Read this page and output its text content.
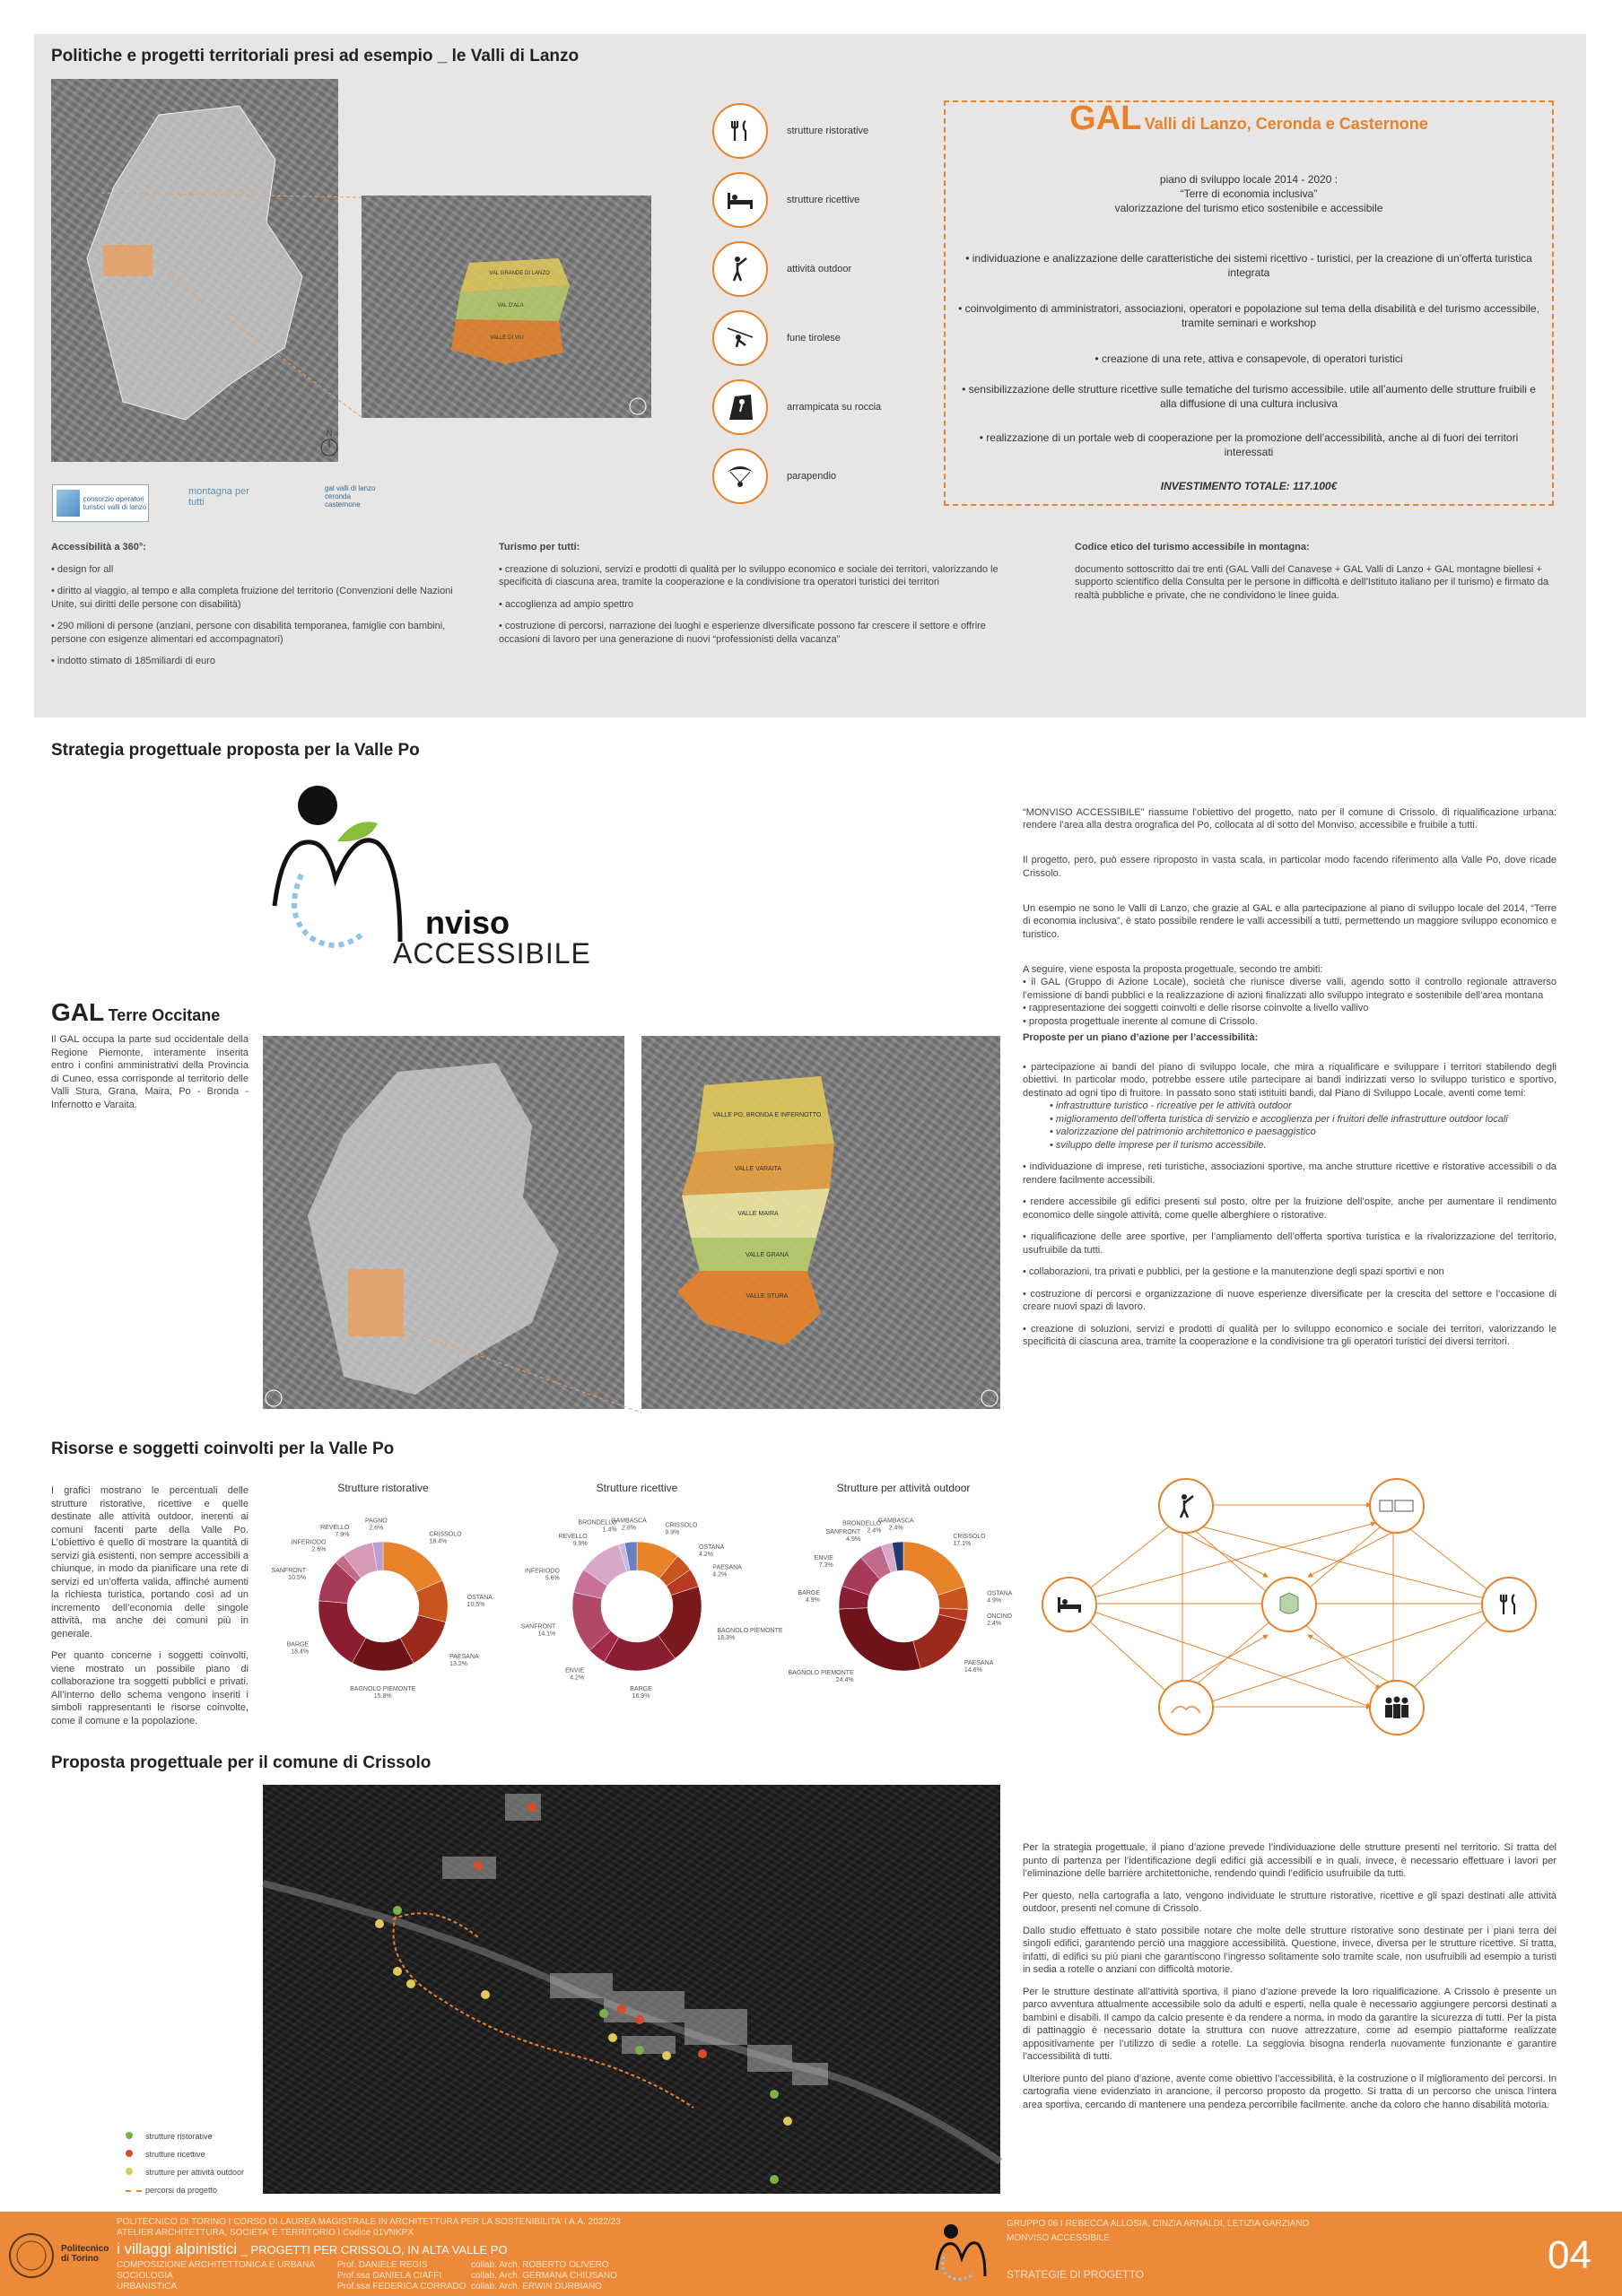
Politiche e progetti territoriali presi ad esempio _ le Valli di Lanzo
VAL GRANDE DI LANZO
VAL D'ALA
VALLE DI VIU
N
consorzio operatori turistici valli di lanzo
montagna per tutti
gal valli di lanzo ceronda casternone
strutture ristorative
strutture ricettive
attività outdoor
fune tirolese
arrampicata su roccia
parapendio
GAL Valli di Lanzo, Ceronda e Casternone
piano di sviluppo locale 2014 - 2020 :
“Terre di economia inclusiva”
valorizzazione del turismo etico sostenibile e accessibile
• individuazione e analizzazione delle caratteristiche dei sistemi ricettivo - turistici, per la creazione di un’offerta turistica integrata
• coinvolgimento di amministratori, associazioni, operatori e popolazione sul tema della disabilità e del turismo accessibile, tramite seminari e workshop
• creazione di una rete, attiva e consapevole, di operatori turistici
• sensibilizzazione delle strutture ricettive sulle tematiche del turismo accessibile. utile all’aumento delle strutture fruibili e alla diffusione di una cultura inclusiva
• realizzazione di un portale web di cooperazione per la promozione dell’accessibilità, anche al di fuori dei territori interessati
INVESTIMENTO TOTALE: 117.100€

Accessibilità a 360°:

• design for all

• diritto al viaggio, al tempo e alla completa fruizione del territorio (Convenzioni delle Nazioni Unite, sui diritti delle persone con disabilità)

• 290 milioni di persone (anziani, persone con disabilità temporanea, famiglie con bambini, persone con esigenze alimentari ed accompagnatori)

• indotto stimato di 185miliardi di euro

Turismo per tutti:

• creazione di soluzioni, servizi e prodotti di qualità per lo sviluppo economico e sociale dei territori, valorizzando le specificità di ciascuna area, tramite la cooperazione e la condivisione tra operatori turistici dei territori

• accoglienza ad ampio spettro

• costruzione di percorsi, narrazione dei luoghi e esperienze diversificate possono far crescere il settore e offrire occasioni di lavoro per una generazione di nuovi “professionisti della vacanza”

Codice etico del turismo accessibile in montagna:

documento sottoscritto dai tre enti (GAL Valli del Canavese + GAL Valli di Lanzo + GAL montagne biellesi + supporto scientifico della Consulta per le persone in difficoltà e dell’Istituto italiano per il turismo) e firmato da realtà pubbliche e private, che ne condividono le linee guida.

Strategia progettuale proposta per la Valle Po
nviso
ACCESSIBILE

“MONVISO ACCESSIBILE” riassume l’obiettivo del progetto, nato per il comune di Crissolo, di riqualificazione urbana: rendere l’area alla destra orografica del Po, collocata al di sotto del Monviso, accessibile e fruibile a tutti.

Il progetto, però, può essere riproposto in vasta scala, in particolar modo facendo riferimento alla Valle Po, dove ricade Crissolo.

Un esempio ne sono le Valli di Lanzo, che grazie al GAL e alla partecipazione al piano di sviluppo locale del 2014, “Terre di economia inclusiva”, è stato possibile rendere le valli accessibili a tutti, permettendo un maggiore sviluppo economico e turistico.

A seguire, viene esposta la proposta progettuale, secondo tre ambiti:
• il GAL (Gruppo di Azione Locale), società che riunisce diverse valli, agendo sotto il controllo regionale attraverso l’emissione di bandi pubblici e la realizzazione di azioni finalizzati allo sviluppo integrato e sostenibile dell’area montana
• rappresentazione dei soggetti coinvolti e delle risorse coinvolte a livello vallivo
• proposta progettuale inerente al comune di Crissolo.

GAL Terre Occitane
Il GAL occupa la parte sud occidentale della Regione Piemonte, interamente inserita entro i confini amministrativi della Provincia di Cuneo, essa corrisponde al territorio delle Valli Stura, Grana, Maira, Po - Bronda - Infernotto e Varaita.
VALLE PO, BRONDA E INFERNOTTO
VALLE VARAITA
VALLE MAIRA
VALLE GRANA
VALLE STURA

Proposte per un piano d’azione per l’accessibilità:

• partecipazione ai bandi del piano di sviluppo locale, che mira a riqualificare e sviluppare i territori stabilendo degli obiettivi. In particolar modo, potrebbe essere utile partecipare ai bandi indirizzati verso lo sviluppo turistico e sportivo, destinato ad ogni tipo di fruitore. In passato sono stati istituiti bandi, dal Piano di Sviluppo Locale, aventi come temi:

• infrastrutture turistico - ricreative per le attività outdoor
• miglioramento dell’offerta turistica di servizio e accoglienza per i fruitori delle infrastrutture outdoor locali
• valorizzazione del patrimonio architettonico e paesaggistico
• sviluppo delle imprese per il turismo accessibile.

• individuazione di imprese, reti turistiche, associazioni sportive, ma anche strutture ricettive e ristorative accessibili o da rendere facilmente accessibili.

• rendere accessibile gli edifici presenti sul posto, oltre per la fruizione dell’ospite, anche per aumentare il rendimento economico delle singole attività, come quelle alberghiere o ristorative.

• riqualificazione delle aree sportive, per l’ampliamento dell’offerta sportiva turistica e la rivalorizzazione del territorio, usufruibile da tutti.

• collaborazioni, tra privati e pubblici, per la gestione e la manutenzione degli spazi sportivi e non

• costruzione di percorsi e organizzazione di nuove esperienze diversificate per la crescita del settore e l’occasione di creare nuovi spazi di lavoro.

• creazione di soluzioni, servizi e prodotti di qualità per lo sviluppo economico e sociale dei territori, valorizzando le specificità di ciascuna area, tramite la cooperazione e la condivisione tra gli operatori turistici dei diversi territori.

Risorse e soggetti coinvolti per la Valle Po

I grafici mostrano le percentuali delle strutture ristorative, ricettive e quelle destinate alle attività outdoor, inerenti ai comuni facenti parte della Valle Po. L’obiettivo è quello di mostrare la quantità di servizi già esistenti, non sempre accessibili a chiunque, in modo da pianificare una rete di servizi ed un’offerta valida, affinché aumenti la richiesta turistica, portando così ad un incremento dell’economia delle singole attività, ma anche dei comuni più in generale.

Per quanto concerne i soggetti coinvolti, viene mostrato un possibile piano di collaborazione tra soggetti pubblici e privati. All’interno dello schema vengono inseriti i simboli rappresentanti le risorse coinvolte, come il comune e la popolazione.

Strutture ristorative
CRISSOLO
18.4%
OSTANA
10.5%
PAESANA
13.2%
BAGNOLO PIEMONTE
15.8%
BARGE
18.4%
SANFRONT
10.5%
INFERIODO
2.6%
REVELLO
7.9%
PAGNO
2.6%
Strutture ricettive
CRISSOLO
9.9%
OSTANA
4.2%
PAESANA
4.2%
BAGNOLO PIEMONTE
18.3%
BARGE
16.9%
ENVIE
4.2%
SANFRONT
14.1%
INFERIODO
5.6%
REVELLO
9.9%
BRONDELLO
1.4%
GAMBASCA
2.8%
Strutture per attività outdoor
CRISSOLO
17.1%
OSTANA
4.9%
ONCINO
2.4%
PAESANA
14.6%
BAGNOLO PIEMONTE
24.4%
BARGE
4.9%
ENVIE
7.3%
SANFRONT
4.9%
BRONDELLO
2.4%
GAMBASCA
2.4%
Proposta progettuale per il comune di Crissolo
strutture ristorative
strutture ricettive
strutture per attività outdoor
percorsi da progetto

Per la strategia progettuale, il piano d’azione prevede l’individuazione delle strutture presenti nel territorio. Si tratta del punto di partenza per l’identificazione degli edifici già accessibili e in quali, invece, è necessario effettuare i lavori per l’eliminazione delle barriere architettoniche, rendendo quindi l’edificio usufruibile da tutti.

Per questo, nella cartografia a lato, vengono individuate le strutture ristorative, ricettive e gli spazi destinati alle attività outdoor, presenti nel comune di Crissolo.

Dallo studio effettuato è stato possibile notare che molte delle strutture ristorative sono destinate per i piani terra dei singoli edifici, garantendo perciò una maggiore accessibilità. Questione, invece, diversa per le strutture ricettive. Si tratta, infatti, di edifici su più piani che garantiscono l’ingresso solitamente solo tramite scale, non usufruibili ad esempio a turisti in sedia a rotelle o anziani con difficoltà motorie.

Per le strutture destinate all’attività sportiva, il piano d’azione prevede la loro riqualificazione. A Crissolo è presente un parco avventura attualmente accessibile solo da adulti e esperti, nella quale è necessario aggiungere percorsi destinati a bambini e disabili. Il campo da calcio presente è da rendere a norma, in modo da garantire la sicurezza di tutti. Per la pista di pattinaggio è necessario dotate la struttura con nuove attrezzature, come ad esempio piattaforme realizzate appositivamente per l’utilizzo di sedie a rotelle. La seggiovia bisogna renderla nuovamente funzionante e garantire l’accessibilità di tutti.

Ulteriore punto del piano d’azione, avente come obiettivo l’accessibilità, è la costruzione o il miglioramento dei percorsi. In cartografia viene evidenziato in arancione, il percorso proposto da progetto. Si tratta di un percorso che unisca l’intera area sportiva, cercando di mantenere una pendeza percorribile facilmente. anche da coloro che hanno disabilità motoria.

Politecnico di Torino
POLITECNICO DI TORINO I CORSO DI LAUREA MAGISTRALE IN ARCHITETTURA PER LA SOSTENIBILITA’ I A.A. 2022/23
ATELIER ARCHITETTURA, SOCIETA’ E TERRITORIO I Codice 01VNKPX
i villaggi alpinistici _ PROGETTI PER CRISSOLO, IN ALTA VALLE PO
COMPOSIZIONE ARCHITETTONICA E URBANA
SOCIOLOGIA
URBANISTICA
Prof. DANIELE REGIS
Prof.ssa DANIELA CIAFFI
Prof.ssa FEDERICA CORRADO
collab. Arch. ROBERTO OLIVERO
collab. Arch. GERMANA CHIUSANO
collab. Arch. ERWIN DURBIANO
GRUPPO 06 I REBECCA ALLOSIA, CINZIA ARNALDI, LETIZIA GARZIANO
MONVISO ACCESSIBILE
STRATEGIE DI PROGETTO	04
